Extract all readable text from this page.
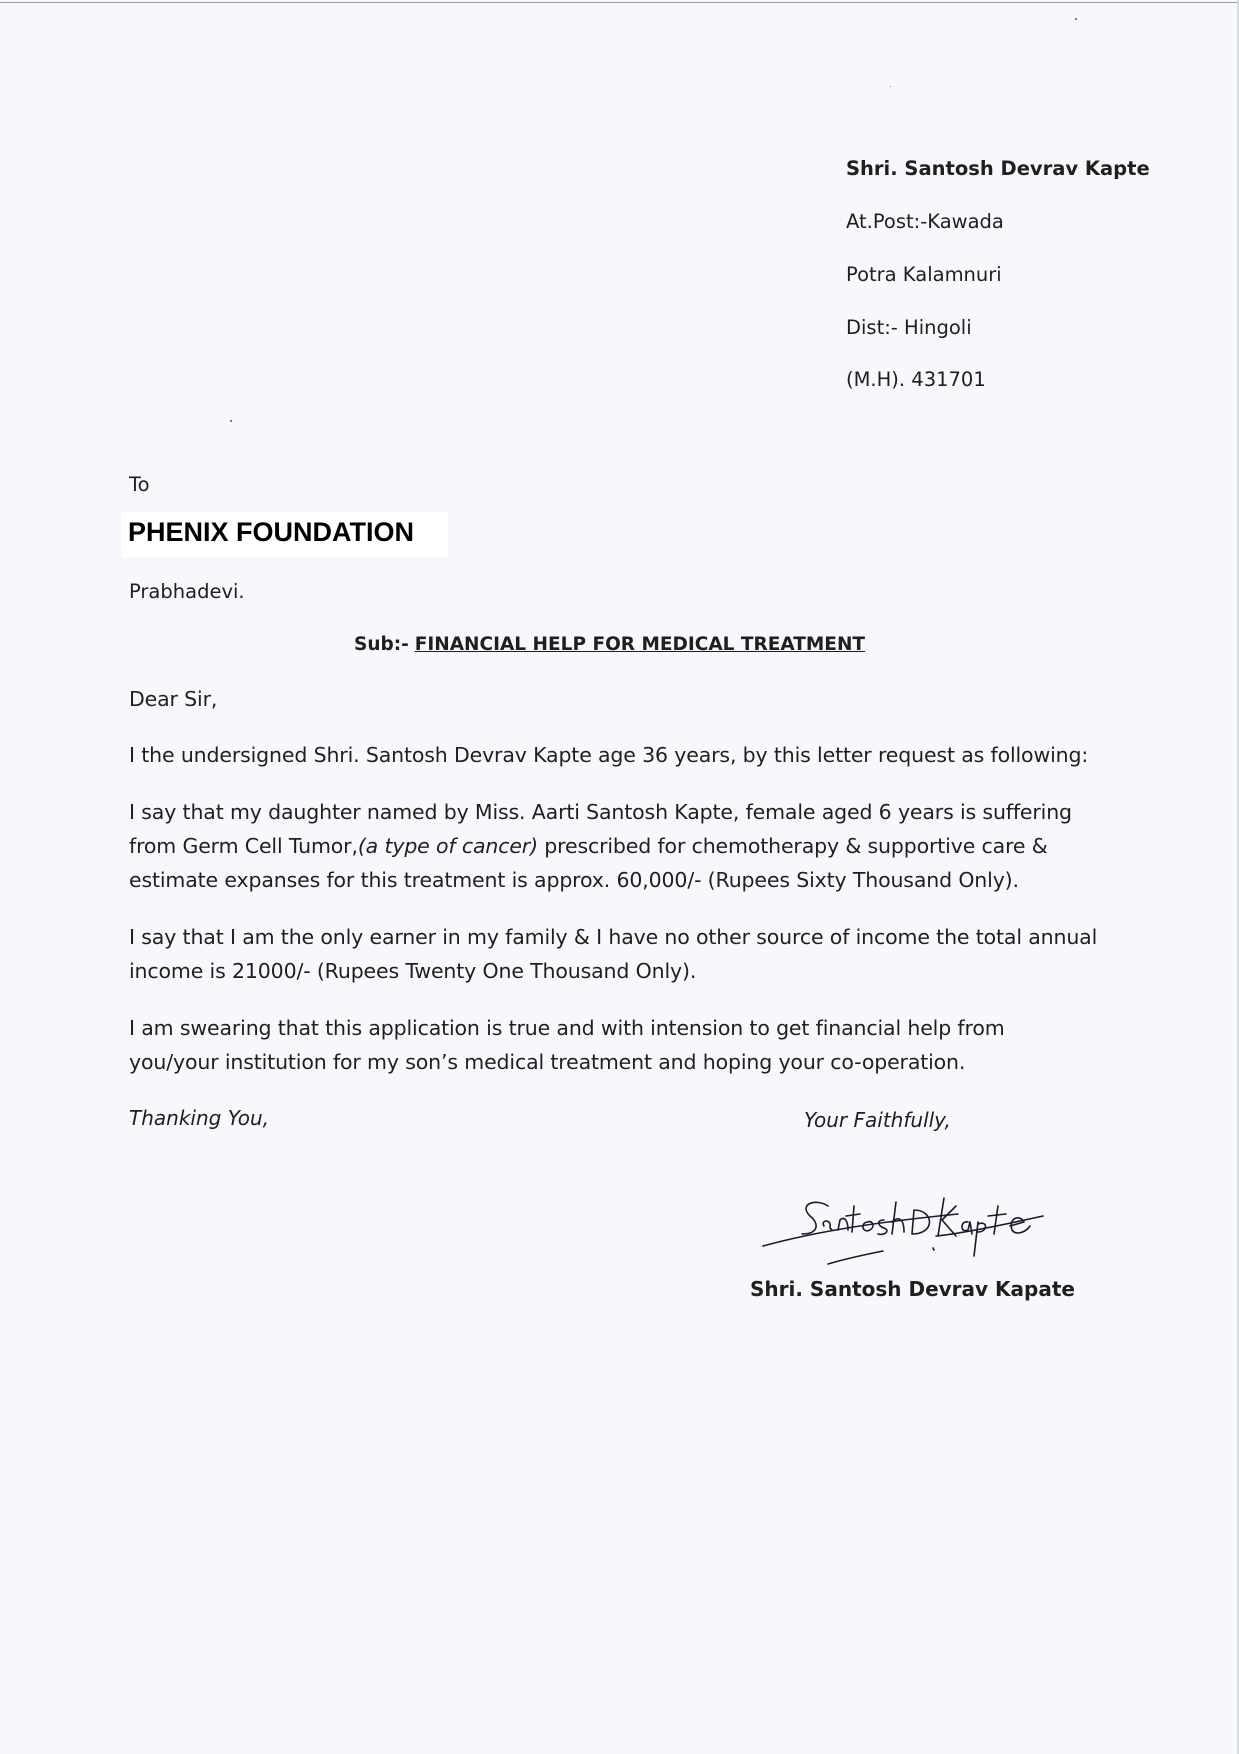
Shri. Santosh Devrav Kapte
At.Post:-Kawada
Potra Kalamnuri
Dist:- Hingoli
(M.H). 431701
To
PHENIX FOUNDATION
Prabhadevi.
Sub:- FINANCIAL HELP FOR MEDICAL TREATMENT
Dear Sir,
I the undersigned Shri. Santosh Devrav Kapte age 36 years, by this letter request as following:
I say that my daughter named by Miss. Aarti Santosh Kapte, female aged 6 years is suffering
from Germ Cell Tumor,(a type of cancer) prescribed for chemotherapy & supportive care &
estimate expanses for this treatment is approx. 60,000/- (Rupees Sixty Thousand Only).
I say that I am the only earner in my family & I have no other source of income the total annual
income is 21000/- (Rupees Twenty One Thousand Only).
I am swearing that this application is true and with intension to get financial help from
you/your institution for my son’s medical treatment and hoping your co-operation.
Thanking You,	Your Faithfully,
Shri. Santosh Devrav Kapate
